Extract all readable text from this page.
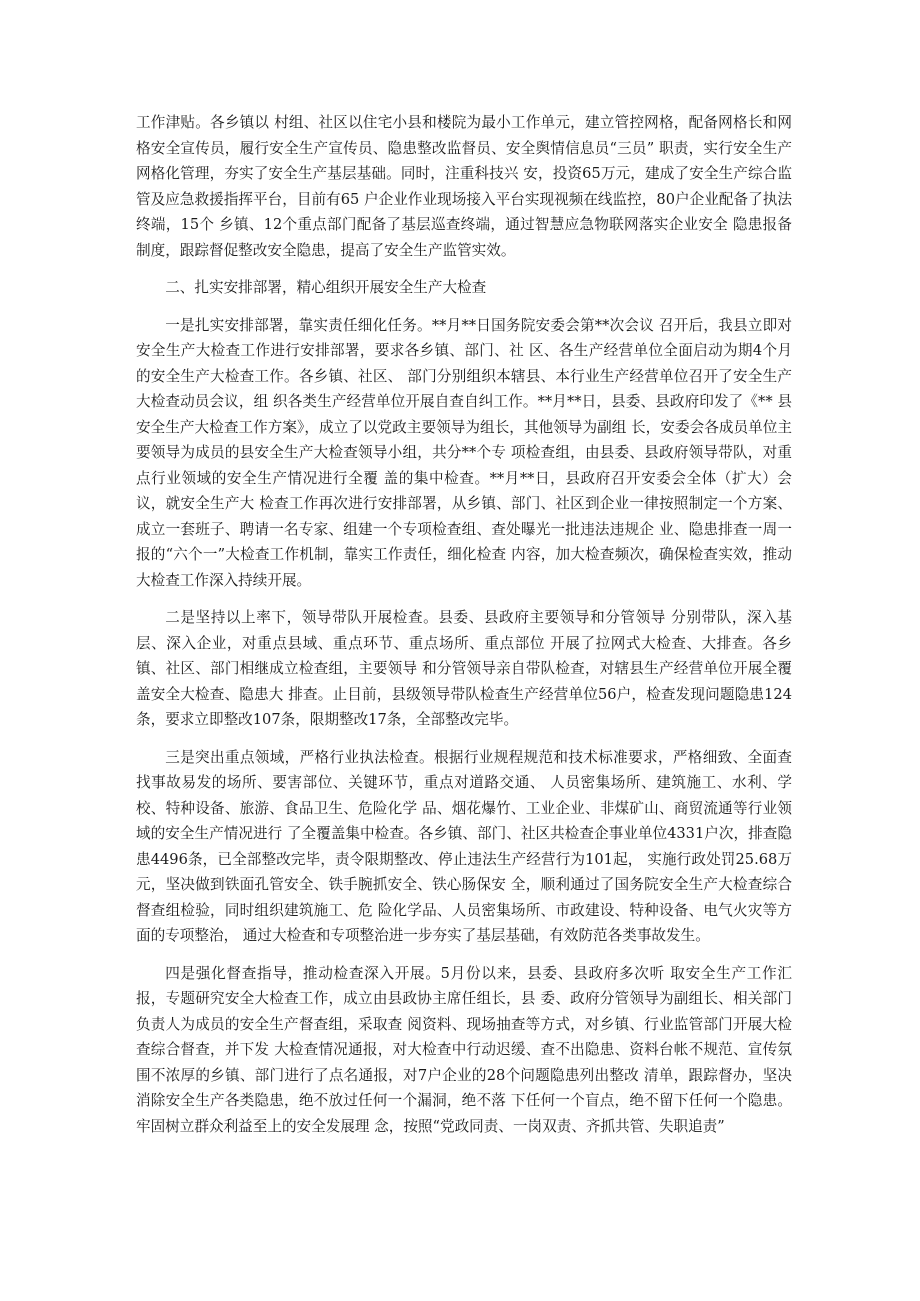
工作津贴。各乡镇以 村组、社区以住宅小县和楼院为最小工作单元，建立管控网格，配备网格长和网 格安全宣传员，履行安全生产宣传员、隐患整改监督员、安全舆情信息员“三员” 职责，实行安全生产网格化管理，夯实了安全生产基层基础。同时，注重科技兴 安，投资65万元，建成了安全生产综合监管及应急救援指挥平台，目前有65 户企业作业现场接入平台实现视频在线监控，80户企业配备了执法终端，15个 乡镇、12个重点部门配备了基层巡查终端，通过智慧应急物联网落实企业安全 隐患报备制度，跟踪督促整改安全隐患，提高了安全生产监管实效。

二、扎实安排部署，精心组织开展安全生产大检查

一是扎实安排部署，靠实责任细化任务。**月**日国务院安委会第**次会议 召开后，我县立即对安全生产大检查工作进行安排部署，要求各乡镇、部门、社 区、各生产经营单位全面启动为期4个月的安全生产大检查工作。各乡镇、社区、 部门分别组织本辖县、本行业生产经营单位召开了安全生产大检查动员会议，组 织各类生产经营单位开展自查自纠工作。**月**日，县委、县政府印发了《** 县安全生产大检查工作方案》，成立了以党政主要领导为组长，其他领导为副组 长，安委会各成员单位主要领导为成员的县安全生产大检查领导小组，共分**个专 项检查组，由县委、县政府领导带队，对重点行业领域的安全生产情况进行全覆 盖的集中检查。**月**日，县政府召开安委会全体（扩大）会议，就安全生产大 检查工作再次进行安排部署，从乡镇、部门、社区到企业一律按照制定一个方案、 成立一套班子、聘请一名专家、组建一个专项检查组、查处曝光一批违法违规企 业、隐患排查一周一报的“六个一”大检查工作机制，靠实工作责任，细化检查 内容，加大检查频次，确保检查实效，推动大检查工作深入持续开展。

二是坚持以上率下，领导带队开展检查。县委、县政府主要领导和分管领导 分别带队，深入基层、深入企业，对重点县域、重点环节、重点场所、重点部位 开展了拉网式大检查、大排查。各乡镇、社区、部门相继成立检查组，主要领导 和分管领导亲自带队检查，对辖县生产经营单位开展全覆盖安全大检查、隐患大 排查。止目前，县级领导带队检查生产经营单位56户，检查发现问题隐患124 条，要求立即整改107条，限期整改17条，全部整改完毕。

三是突出重点领域，严格行业执法检查。根据行业规程规范和技术标准要求，严格细致、全面查找事故易发的场所、要害部位、关键环节，重点对道路交通、 人员密集场所、建筑施工、水利、学校、特种设备、旅游、食品卫生、危险化学 品、烟花爆竹、工业企业、非煤矿山、商贸流通等行业领域的安全生产情况进行 了全覆盖集中检查。各乡镇、部门、社区共检查企事业单位4331户次，排查隐 患4496条，已全部整改完毕，责令限期整改、停止违法生产经营行为101起， 实施行政处罚25.68万元，坚决做到铁面孔管安全、铁手腕抓安全、铁心肠保安 全，顺利通过了国务院安全生产大检查综合督查组检验，同时组织建筑施工、危 险化学品、人员密集场所、市政建设、特种设备、电气火灾等方面的专项整治， 通过大检查和专项整治进一步夯实了基层基础，有效防范各类事故发生。

四是强化督查指导，推动检查深入开展。5月份以来，县委、县政府多次听 取安全生产工作汇报，专题研究安全大检查工作，成立由县政协主席任组长，县 委、政府分管领导为副组长、相关部门负责人为成员的安全生产督查组，采取查 阅资料、现场抽查等方式，对乡镇、行业监管部门开展大检查综合督查，并下发 大检查情况通报，对大检查中行动迟缓、查不出隐患、资料台帐不规范、宣传氛 围不浓厚的乡镇、部门进行了点名通报，对7户企业的28个问题隐患列出整改 清单，跟踪督办，坚决消除安全生产各类隐患，绝不放过任何一个漏洞，绝不落 下任何一个盲点，绝不留下任何一个隐患。牢固树立群众利益至上的安全发展理 念，按照“党政同责、一岗双责、齐抓共管、失职追责”
